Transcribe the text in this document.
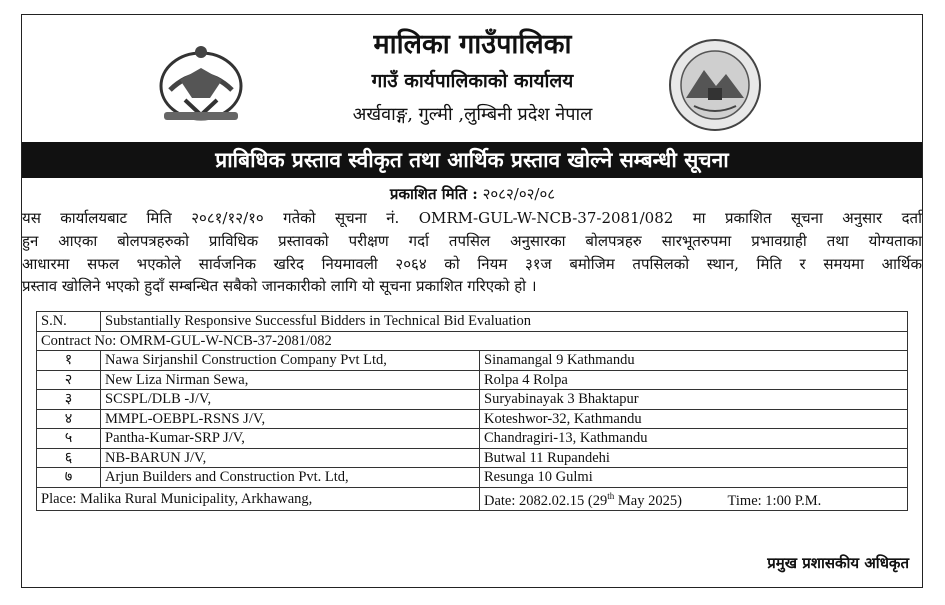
मालिका गाउँपालिका
गाउँ कार्यपालिकाको कार्यालय
अर्खवाङ्ग, गुल्मी ,लुम्बिनी प्रदेश नेपाल
प्राबिधिक प्रस्ताव स्वीकृत तथा आर्थिक प्रस्ताव खोल्ने सम्बन्धी सूचना
प्रकाशित मिति : २०८२/०२/०८
यस कार्यालयबाट मिति २०८१/१२/१० गतेको सूचना नं. OMRM-GUL-W-NCB-37-2081/082 मा प्रकाशित सूचना अनुसार दर्ता
हुन आएका बोलपत्रहरुको प्राविधिक प्रस्तावको परीक्षण गर्दा तपसिल अनुसारका बोलपत्रहरु सारभूतरुपमा प्रभावग्राही तथा योग्यताका
आधारमा सफल भएकोले सार्वजनिक खरिद नियमावली २०६४ को नियम ३१ज बमोजिम तपसिलको स्थान, मिति र समयमा आर्थिक
प्रस्ताव खोलिने भएको हुदाँ सम्बन्धित सबैको जानकारीको लागि यो सूचना प्रकाशित गरिएको हो ।
S.N.	Substantially Responsive Successful Bidders in Technical Bid Evaluation	
Contract No: OMRM-GUL-W-NCB-37-2081/082		
१	Nawa Sirjanshil Construction Company Pvt Ltd,	Sinamangal 9 Kathmandu
२	New Liza Nirman Sewa,	Rolpa 4 Rolpa
३	SCSPL/DLB -J/V,	Suryabinayak 3 Bhaktapur
४	MMPL-OEBPL-RSNS J/V,	Koteshwor-32, Kathmandu
५	Pantha-Kumar-SRP J/V,	Chandragiri-13, Kathmandu
६	NB-BARUN J/V,	Butwal 11 Rupandehi
७	Arjun Builders and Construction Pvt. Ltd,	Resunga 10 Gulmi
Place: Malika Rural Municipality, Arkhawang,		Date: 2082.02.15 (29th May 2025) Time: 1:00 P.M.
प्रमुख प्रशासकीय अधिकृत
